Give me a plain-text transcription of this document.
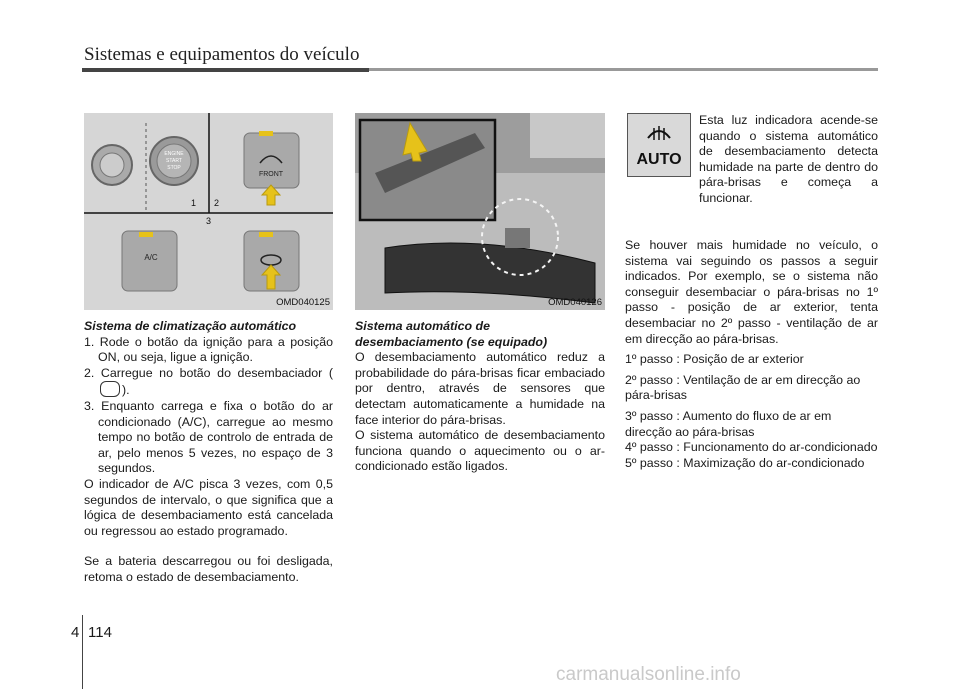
Sistemas e equipamentos do veículo
ENGINE
START
STOP
FRONT
1 2
3
A/C
OMD040125	OMD040126

Sistema de climatização automático

1. Rode o botão da ignição para a posição ON, ou seja, ligue a ignição.

2. Carregue no botão do desembaciador ().

3. Enquanto carrega e fixa o botão do ar condicionado (A/C), carregue ao mesmo tempo no botão de controlo de entrada de ar, pelo menos 5 vezes, no espaço de 3 segundos.

O indicador de A/C pisca 3 vezes, com 0,5 segundos de intervalo, o que significa que a lógica de desembaciamento está cancelada ou regressou ao estado programado.

Se a bateria descarregou ou foi desligada, retoma o estado de desembaciamento.

Sistema automático de

desembaciamento (se equipado)

O desembaciamento automático reduz a probabilidade do pára-brisas ficar embaciado por dentro, através de sensores que detectam automaticamente a humidade na face interior do pára-brisas.

O sistema automático de desembaciamento funciona quando o aquecimento ou o ar-condicionado estão ligados.

AUTO
Esta luz indicadora acende-se quando o sistema automático de desembaciamento detecta humidade na parte de dentro do pára-brisas e começa a funcionar.

Se houver mais humidade no veículo, o sistema vai seguindo os passos a seguir indicados. Por exemplo, se o sistema não conseguir desembaciar o pára-brisas no 1º passo - posição de ar exterior, tenta desembaciar no 2º passo - ventilação de ar em direcção ao pára-brisas.

1º passo : Posição de ar exterior

2º passo : Ventilação de ar em direcção ao pára-brisas

3º passo : Aumento do fluxo de ar em direcção ao pára-brisas

4º passo : Funcionamento do ar-condicionado

5º passo : Maximização do ar-condicionado

4 114
carmanualsonline.info
